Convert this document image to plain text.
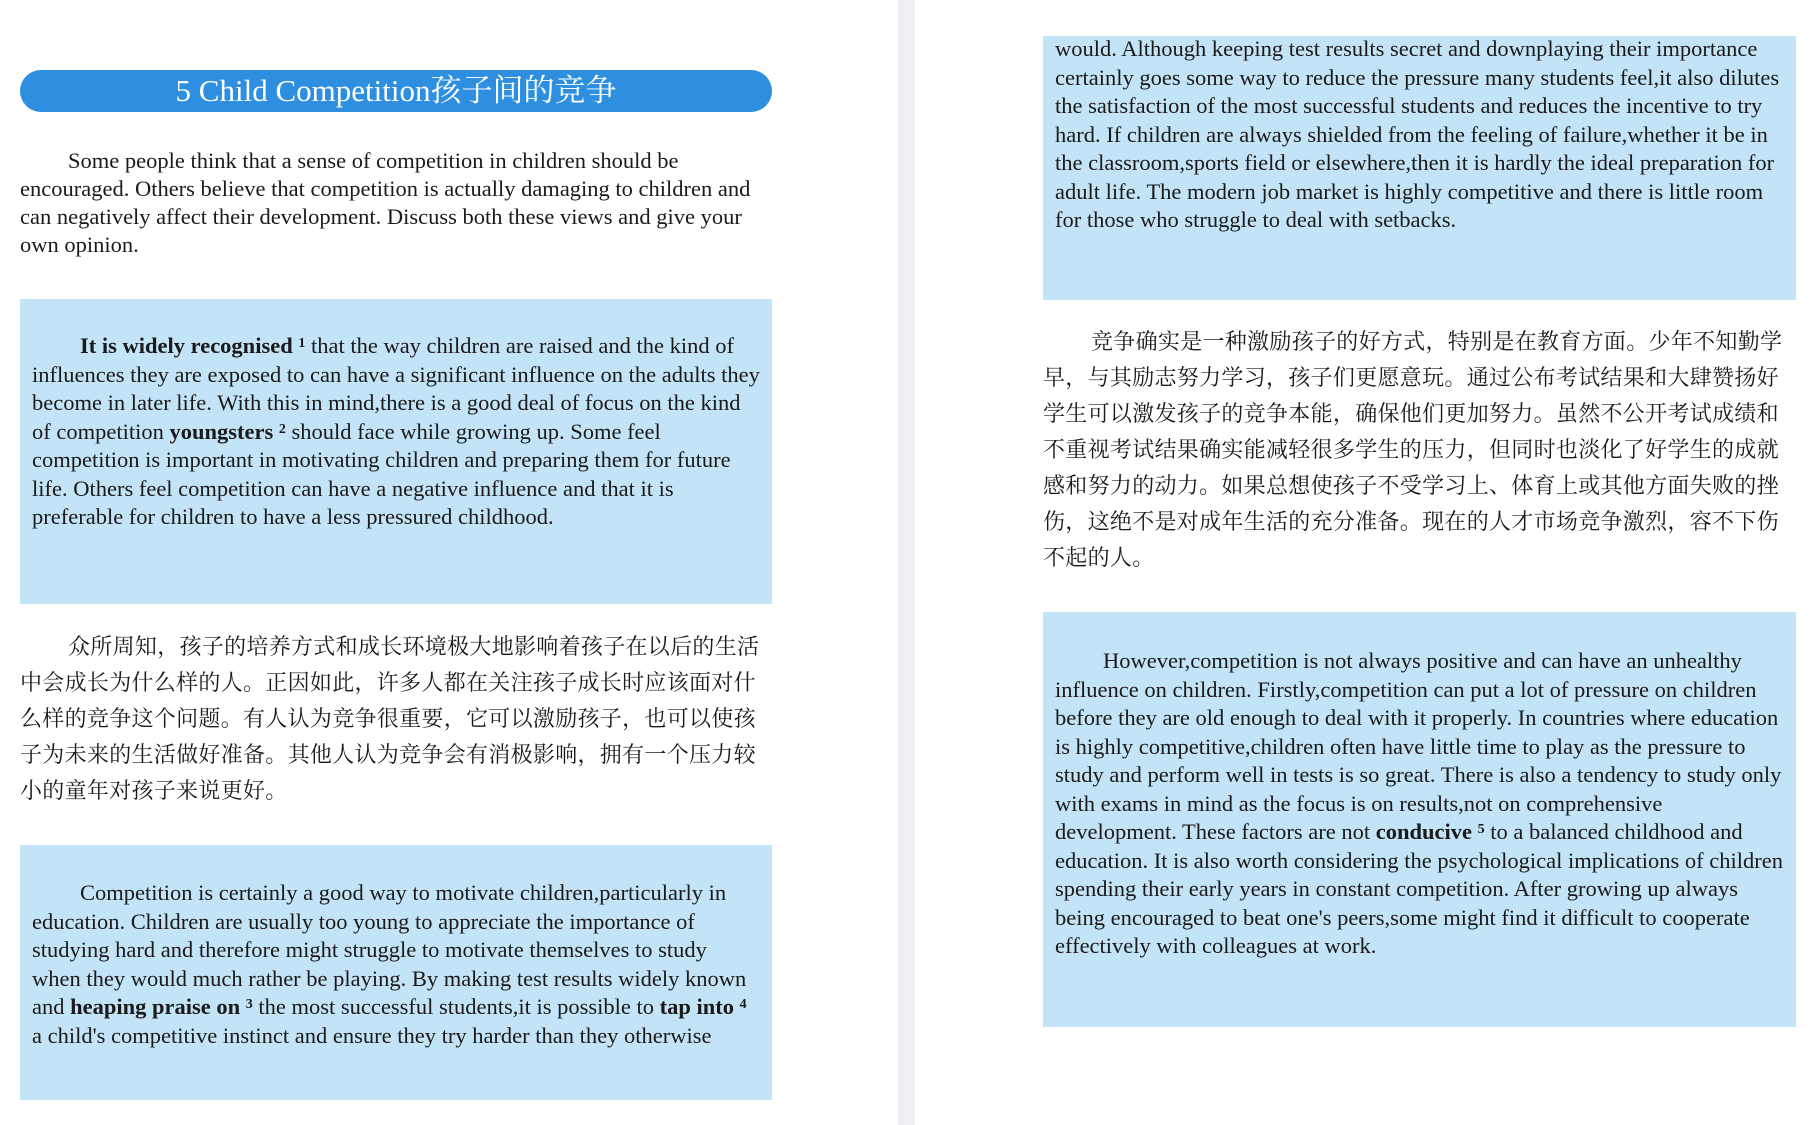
5 Child Competition孩子间的竞争

Some people think that a sense of competition in children should be encouraged. Others believe that competition is actually damaging to children and can negatively affect their development. Discuss both these views and give your own opinion.

It is widely recognised $^1$ that the way children are raised and the kind of influences they are exposed to can have a significant influence on the adults they become in later life. With this in mind,there is a good deal of focus on the kind of competition youngsters $^2$ should face while growing up. Some feel competition is important in motivating children and preparing them for future life. Others feel competition can have a negative influence and that it is preferable for children to have a less pressured childhood.

众所周知，孩子的培养方式和成长环境极大地影响着孩子在以后的生活中会成长为什么样的人。正因如此，许多人都在关注孩子成长时应该面对什么样的竞争这个问题。有人认为竞争很重要，它可以激励孩子，也可以使孩子为未来的生活做好准备。其他人认为竞争会有消极影响，拥有一个压力较小的童年对孩子来说更好。

Competition is certainly a good way to motivate children,particularly in education. Children are usually too young to appreciate the importance of studying hard and therefore might struggle to motivate themselves to study when they would much rather be playing. By making test results widely known and heaping praise on $^3$ the most successful students,it is possible to tap into $^4$ a child's competitive instinct and ensure they try harder than they otherwise

would. Although keeping test results secret and downplaying their importance certainly goes some way to reduce the pressure many students feel,it also dilutes the satisfaction of the most successful students and reduces the incentive to try hard. If children are always shielded from the feeling of failure,whether it be in the classroom,sports field or elsewhere,then it is hardly the ideal preparation for adult life. The modern job market is highly competitive and there is little room for those who struggle to deal with setbacks.

竞争确实是一种激励孩子的好方式，特别是在教育方面。少年不知勤学早，与其励志努力学习，孩子们更愿意玩。通过公布考试结果和大肆赞扬好学生可以激发孩子的竞争本能，确保他们更加努力。虽然不公开考试成绩和不重视考试结果确实能减轻很多学生的压力，但同时也淡化了好学生的成就感和努力的动力。如果总想使孩子不受学习上、体育上或其他方面失败的挫伤，这绝不是对成年生活的充分准备。现在的人才市场竞争激烈，容不下伤不起的人。

However,competition is not always positive and can have an unhealthy influence on children. Firstly,competition can put a lot of pressure on children before they are old enough to deal with it properly. In countries where education is highly competitive,children often have little time to play as the pressure to study and perform well in tests is so great. There is also a tendency to study only with exams in mind as the focus is on results,not on comprehensive development. These factors are not conducive $^5$ to a balanced childhood and education. It is also worth considering the psychological implications of children spending their early years in constant competition. After growing up always being encouraged to beat one's peers,some might find it difficult to cooperate effectively with colleagues at work.
